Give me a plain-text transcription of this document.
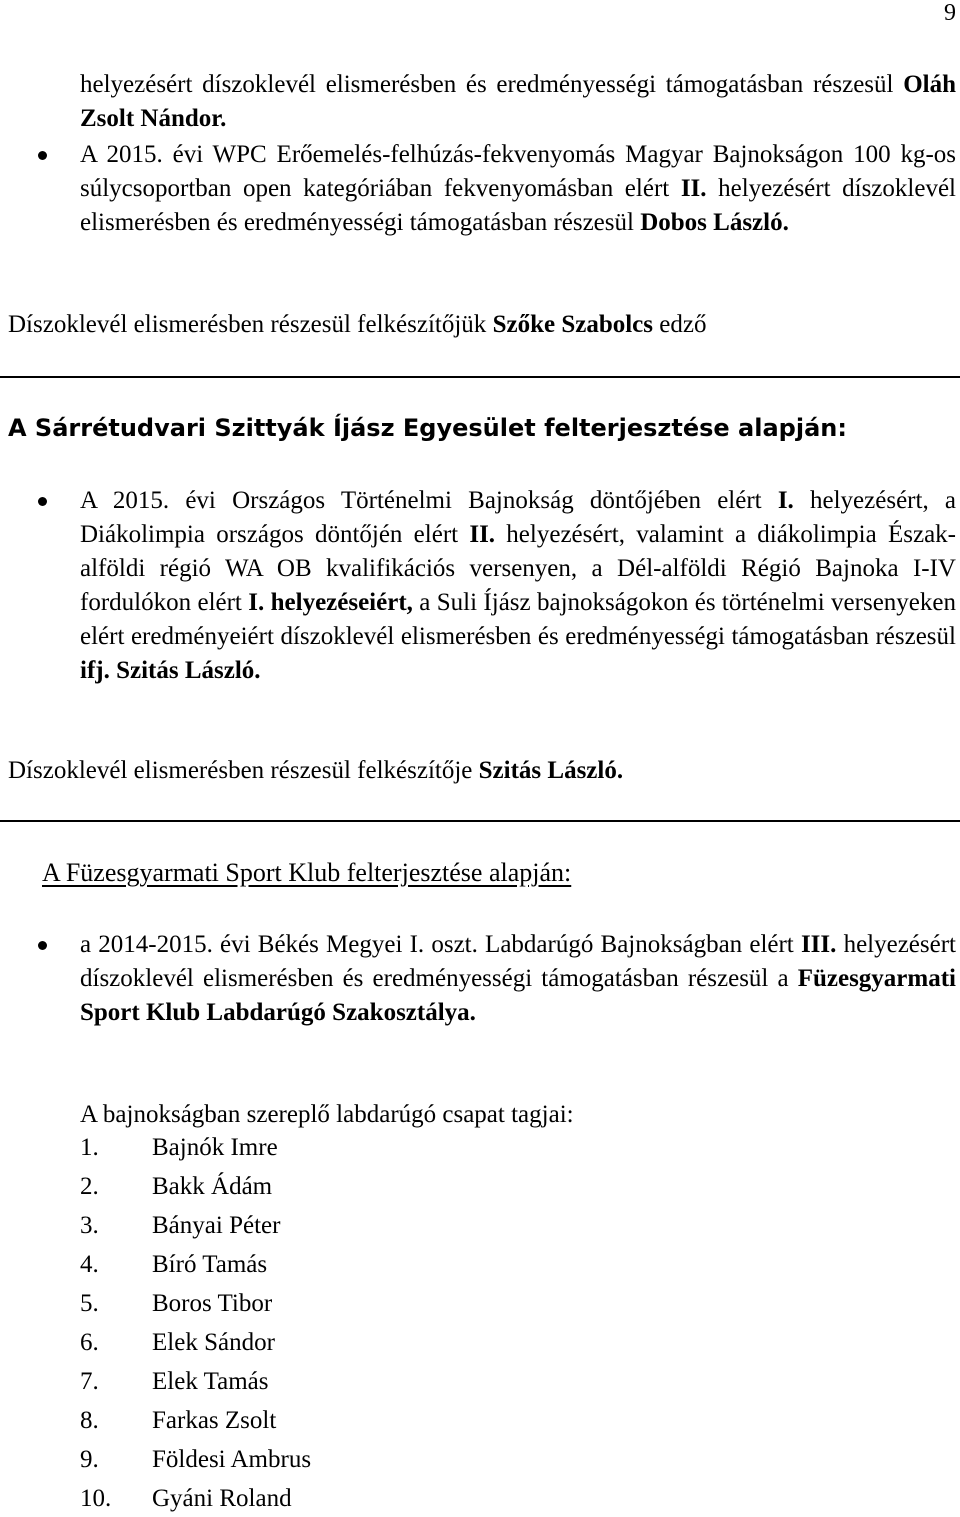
9
helyezésért díszoklevél elismerésben és eredményességi támogatásban részesül Oláh Zsolt Nándor.
A 2015. évi WPC Erőemelés-felhúzás-fekvenyomás Magyar Bajnokságon 100 kg-os súlycsoportban open kategóriában fekvenyomásban elért II. helyezésért díszoklevél elismerésben és eredményességi támogatásban részesül Dobos László.
Díszoklevél elismerésben részesül felkészítőjük Szőke Szabolcs edző
A Sárrétudvari Szittyák Íjász Egyesület felterjesztése alapján:
A 2015. évi Országos Történelmi Bajnokság döntőjében elért I. helyezésért, a Diákolimpia országos döntőjén elért II. helyezésért, valamint a diákolimpia Észak-alföldi régió WA OB kvalifikációs versenyen, a Dél-alföldi Régió Bajnoka I-IV fordulókon elért I. helyezéseiért, a Suli Íjász bajnokságokon és történelmi versenyeken elért eredményeiért díszoklevél elismerésben és eredményességi támogatásban részesül ifj. Szitás László.
Díszoklevél elismerésben részesül felkészítője Szitás László.
A Füzesgyarmati Sport Klub felterjesztése alapján:
a 2014-2015. évi Békés Megyei I. oszt. Labdarúgó Bajnokságban elért III. helyezésért díszoklevél elismerésben és eredményességi támogatásban részesül a Füzesgyarmati Sport Klub Labdarúgó Szakosztálya.
A bajnokságban szereplő labdarúgó csapat tagjai:
1. Bajnók Imre
2. Bakk Ádám
3. Bányai Péter
4. Bíró Tamás
5. Boros Tibor
6. Elek Sándor
7. Elek Tamás
8. Farkas Zsolt
9. Földesi Ambrus
10. Gyáni Roland
